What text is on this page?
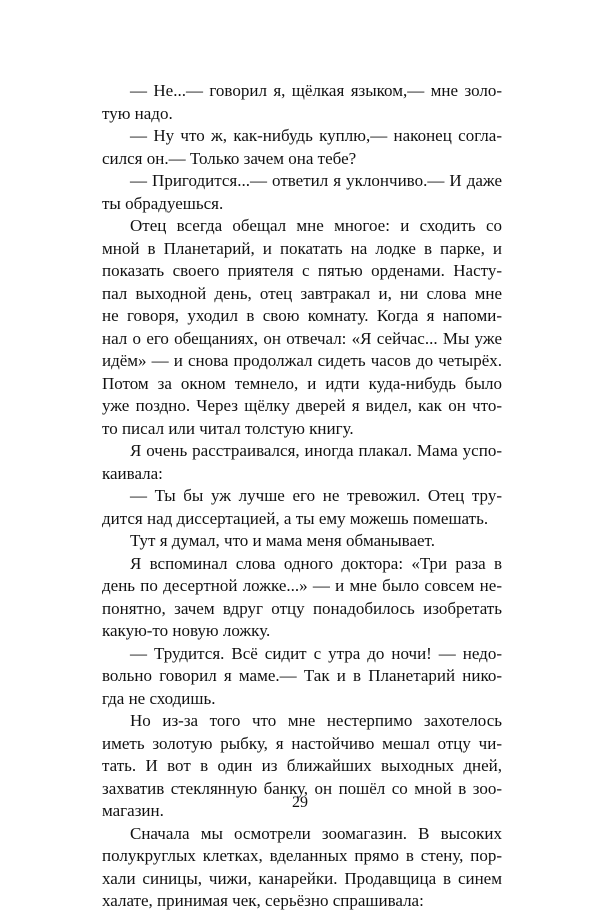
— Не...— говорил я, щёлкая языком,— мне золо-
тую надо.
— Ну что ж, как-нибудь куплю,— наконец согла-
сился он.— Только зачем она тебе?
— Пригодится...— ответил я уклончиво.— И даже
ты обрадуешься.
Отец всегда обещал мне многое: и сходить со
мной в Планетарий, и покатать на лодке в парке, и
показать своего приятеля с пятью орденами. Насту-
пал выходной день, отец завтракал и, ни слова мне
не говоря, уходил в свою комнату. Когда я напоми-
нал о его обещаниях, он отвечал: «Я сейчас... Мы уже
идём» — и снова продолжал сидеть часов до четырёх.
Потом за окном темнело, и идти куда-нибудь было
уже поздно. Через щёлку дверей я видел, как он что-
то писал или читал толстую книгу.
Я очень расстраивался, иногда плакал. Мама успо-
каивала:
— Ты бы уж лучше его не тревожил. Отец тру-
дится над диссертацией, а ты ему можешь помешать.
Тут я думал, что и мама меня обманывает.
Я вспоминал слова одного доктора: «Три раза в
день по десертной ложке...» — и мне было совсем не-
понятно, зачем вдруг отцу понадобилось изобретать
какую-то новую ложку.
— Трудится. Всё сидит с утра до ночи! — недо-
вольно говорил я маме.— Так и в Планетарий нико-
гда не сходишь.
Но из-за того что мне нестерпимо захотелось
иметь золотую рыбку, я настойчиво мешал отцу чи-
тать. И вот в один из ближайших выходных дней,
захватив стеклянную банку, он пошёл со мной в зоо-
магазин.
Сначала мы осмотрели зоомагазин. В высоких
полукруглых клетках, вделанных прямо в стену, пор-
хали синицы, чижи, канарейки. Продавщица в синем
халате, принимая чек, серьёзно спрашивала:
29
